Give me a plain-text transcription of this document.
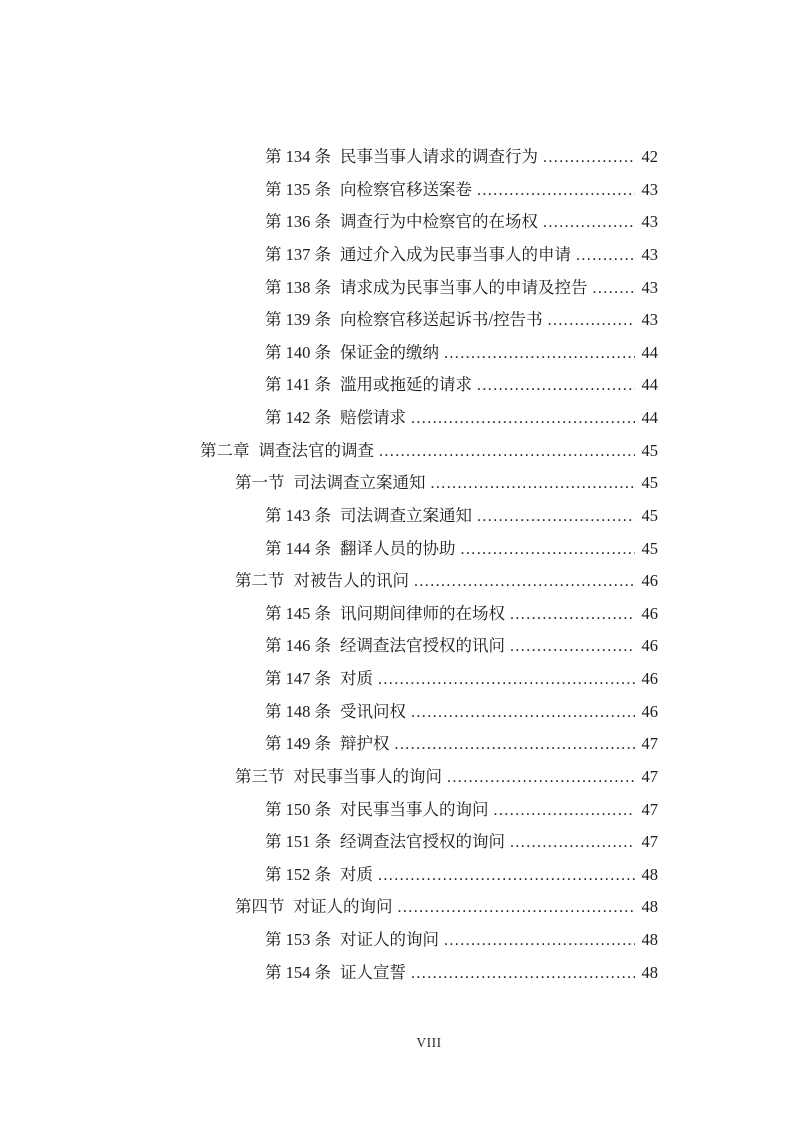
第 134 条 民事当事人请求的调查行为 .....	42
第 135 条 向检察官移送案卷 .....	43
第 136 条 调查行为中检察官的在场权 .....	43
第 137 条 通过介入成为民事当事人的申请 .....	43
第 138 条 请求成为民事当事人的申请及控告 .....	43
第 139 条 向检察官移送起诉书/控告书 .....	43
第 140 条 保证金的缴纳 .....	44
第 141 条 滥用或拖延的请求 .....	44
第 142 条 赔偿请求 .....	44
第二章 调查法官的调查 .....	45
第一节 司法调查立案通知 .....	45
第 143 条 司法调查立案通知 .....	45
第 144 条 翻译人员的协助 .....	45
第二节 对被告人的讯问 .....	46
第 145 条 讯问期间律师的在场权 .....	46
第 146 条 经调查法官授权的讯问 .....	46
第 147 条 对质 .....	46
第 148 条 受讯问权 .....	46
第 149 条 辩护权 .....	47
第三节 对民事当事人的询问 .....	47
第 150 条 对民事当事人的询问 .....	47
第 151 条 经调查法官授权的询问 .....	47
第 152 条 对质 .....	48
第四节 对证人的询问 .....	48
第 153 条 对证人的询问 .....	48
第 154 条 证人宣誓 .....	48
VIII
